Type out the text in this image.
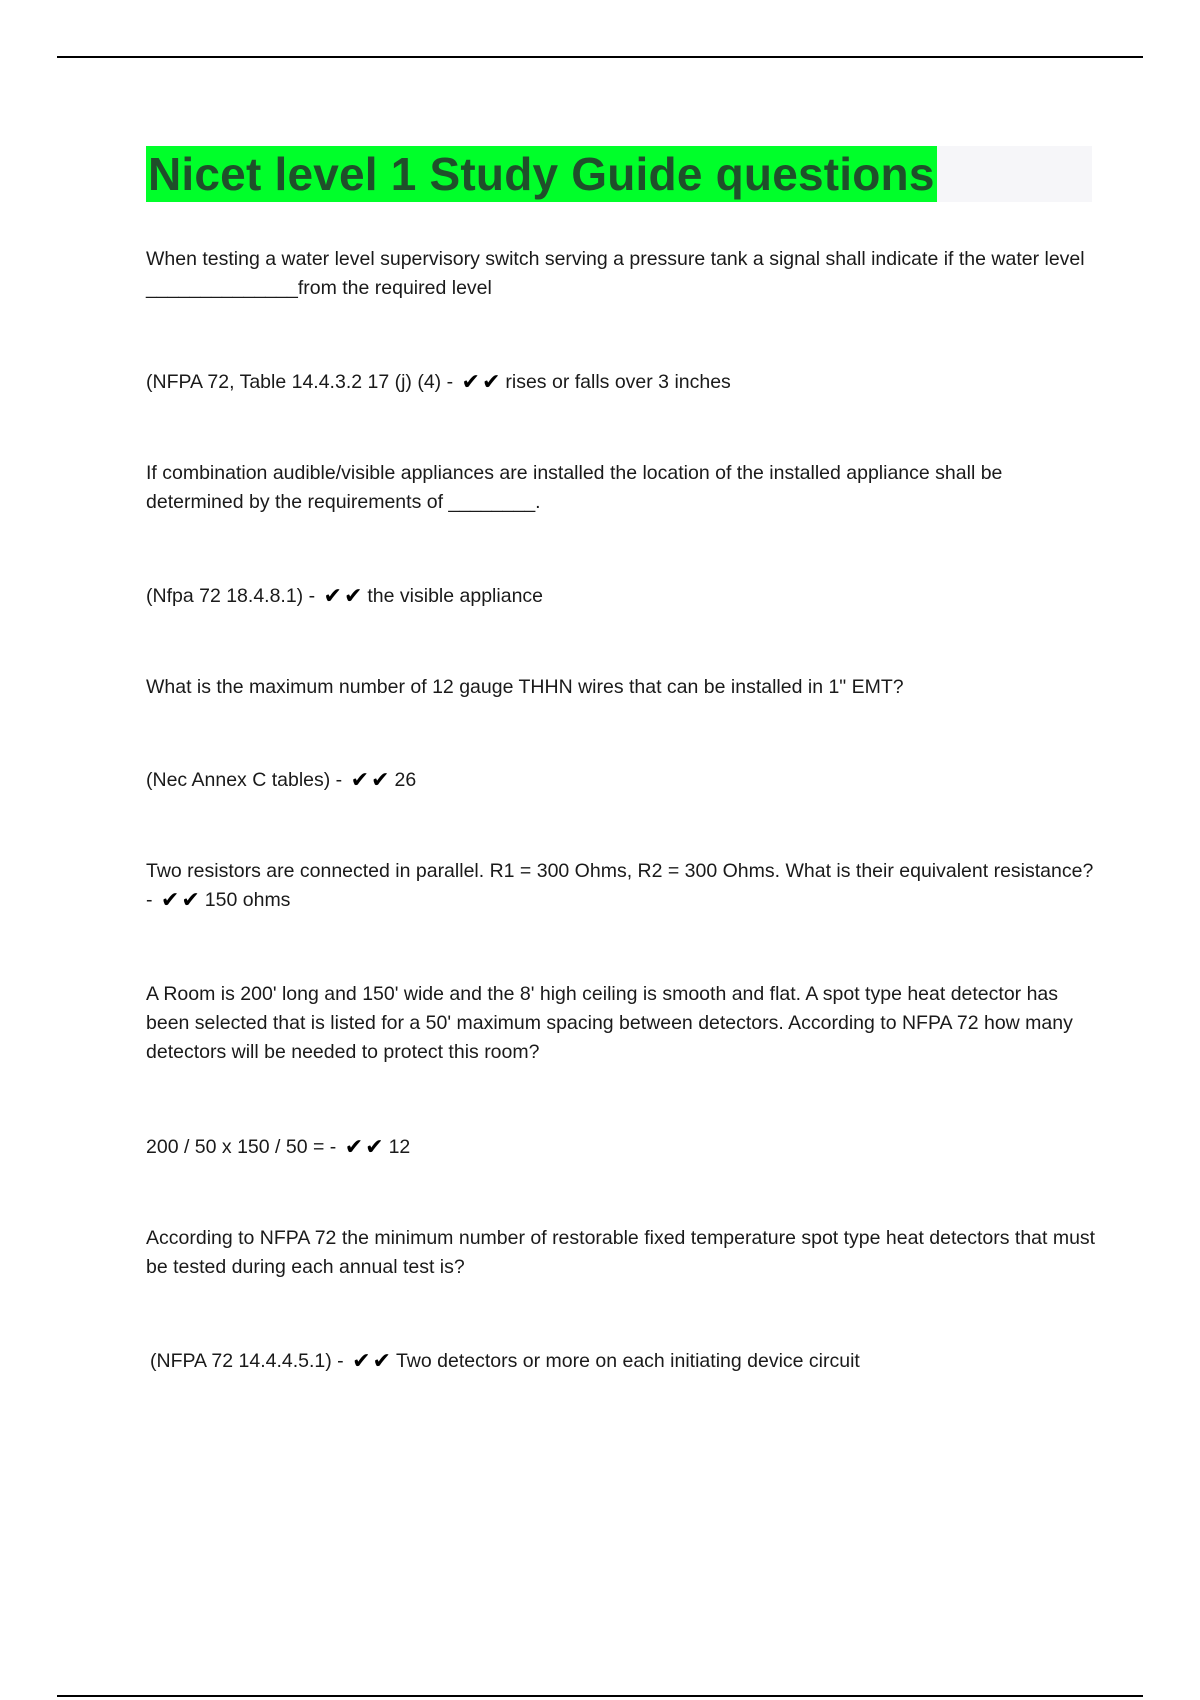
Nicet level 1 Study Guide questions
When testing a water level supervisory switch serving a pressure tank a signal shall indicate if the water level ______________from the required level
(NFPA 72, Table 14.4.3.2 17 (j) (4) - ✔✔ rises or falls over 3 inches
If combination audible/visible appliances are installed the location of the installed appliance shall be determined by the requirements of ________.
(Nfpa 72 18.4.8.1) - ✔✔ the visible appliance
What is the maximum number of 12 gauge THHN wires that can be installed in 1" EMT?
(Nec Annex C tables) - ✔✔ 26
Two resistors are connected in parallel. R1 = 300 Ohms, R2 = 300 Ohms. What is their equivalent resistance? - ✔✔ 150 ohms
A Room is 200' long and 150' wide and the 8' high ceiling is smooth and flat. A spot type heat detector has been selected that is listed for a 50' maximum spacing between detectors. According to NFPA 72 how many detectors will be needed to protect this room?
200 / 50 x 150 / 50 = - ✔✔ 12
According to NFPA 72 the minimum number of restorable fixed temperature spot type heat detectors that must be tested during each annual test is?
(NFPA 72 14.4.4.5.1) - ✔✔ Two detectors or more on each initiating device circuit
